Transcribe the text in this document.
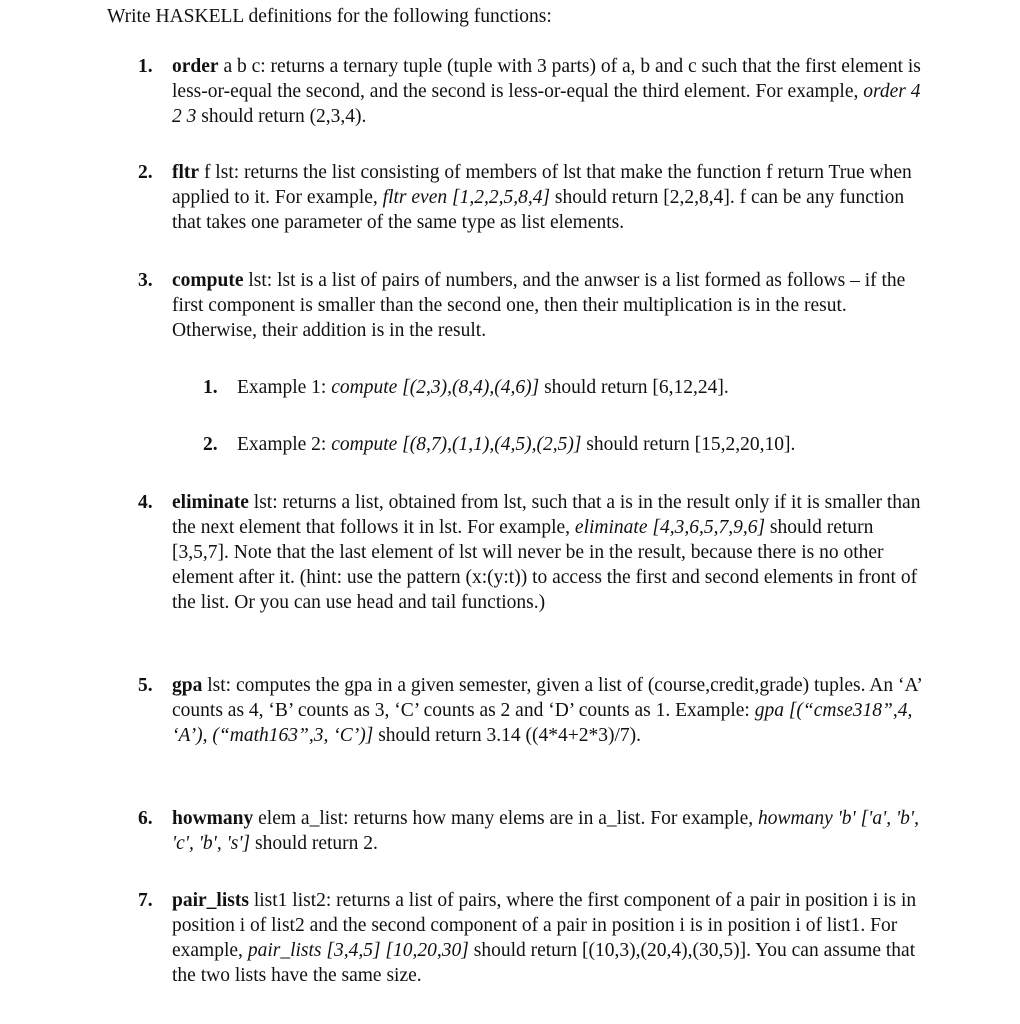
Write HASKELL definitions for the following functions:
1. order a b c: returns a ternary tuple (tuple with 3 parts) of a, b and c such that the first element is less-or-equal the second, and the second is less-or-equal the third element. For example, order 4 2 3 should return (2,3,4).
2. fltr f lst: returns the list consisting of members of lst that make the function f return True when applied to it. For example, fltr even [1,2,2,5,8,4] should return [2,2,8,4]. f can be any function that takes one parameter of the same type as list elements.
3. compute lst: lst is a list of pairs of numbers, and the anwser is a list formed as follows – if the first component is smaller than the second one, then their multiplication is in the resut. Otherwise, their addition is in the result.
1. Example 1: compute [(2,3),(8,4),(4,6)] should return [6,12,24].
2. Example 2: compute [(8,7),(1,1),(4,5),(2,5)] should return [15,2,20,10].
4. eliminate lst: returns a list, obtained from lst, such that a is in the result only if it is smaller than the next element that follows it in lst. For example, eliminate [4,3,6,5,7,9,6] should return [3,5,7]. Note that the last element of lst will never be in the result, because there is no other element after it. (hint: use the pattern (x:(y:t)) to access the first and second elements in front of the list. Or you can use head and tail functions.)
5. gpa lst: computes the gpa in a given semester, given a list of (course,credit,grade) tuples. An ‘A’ counts as 4, ‘B’ counts as 3, ‘C’ counts as 2 and ‘D’ counts as 1. Example: gpa [(“cmse318”,4, ‘A’), (“math163”,3, ‘C’)] should return 3.14 ((4*4+2*3)/7).
6. howmany elem a_list: returns how many elems are in a_list. For example, howmany 'b' ['a', 'b', 'c', 'b', 's'] should return 2.
7. pair_lists list1 list2: returns a list of pairs, where the first component of a pair in position i is in position i of list2 and the second component of a pair in position i is in position i of list1. For example, pair_lists [3,4,5] [10,20,30] should return [(10,3),(20,4),(30,5)]. You can assume that the two lists have the same size.
